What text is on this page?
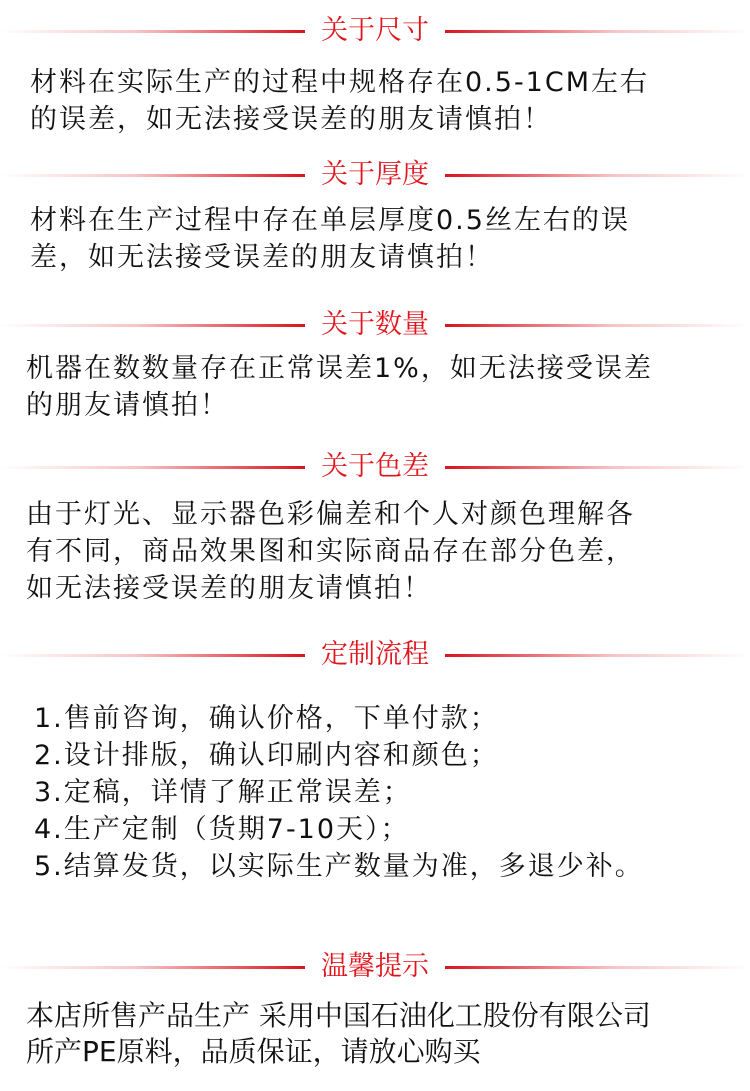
关于尺寸
材料在实际生产的过程中规格存在0.5-1CM左右
的误差，如无法接受误差的朋友请慎拍！
关于厚度
材料在生产过程中存在单层厚度0.5丝左右的误
差，如无法接受误差的朋友请慎拍！
关于数量
机器在数数量存在正常误差1%，如无法接受误差
的朋友请慎拍！
关于色差
由于灯光、显示器色彩偏差和个人对颜色理解各
有不同，商品效果图和实际商品存在部分色差，
如无法接受误差的朋友请慎拍！
定制流程
1.售前咨询，确认价格，下单付款；
2.设计排版，确认印刷内容和颜色；
3.定稿，详情了解正常误差；
4.生产定制（货期7-10天）；
5.结算发货，以实际生产数量为准，多退少补。
温馨提示
本店所售产品生产 采用中国石油化工股份有限公司
所产PE原料，品质保证，请放心购买
